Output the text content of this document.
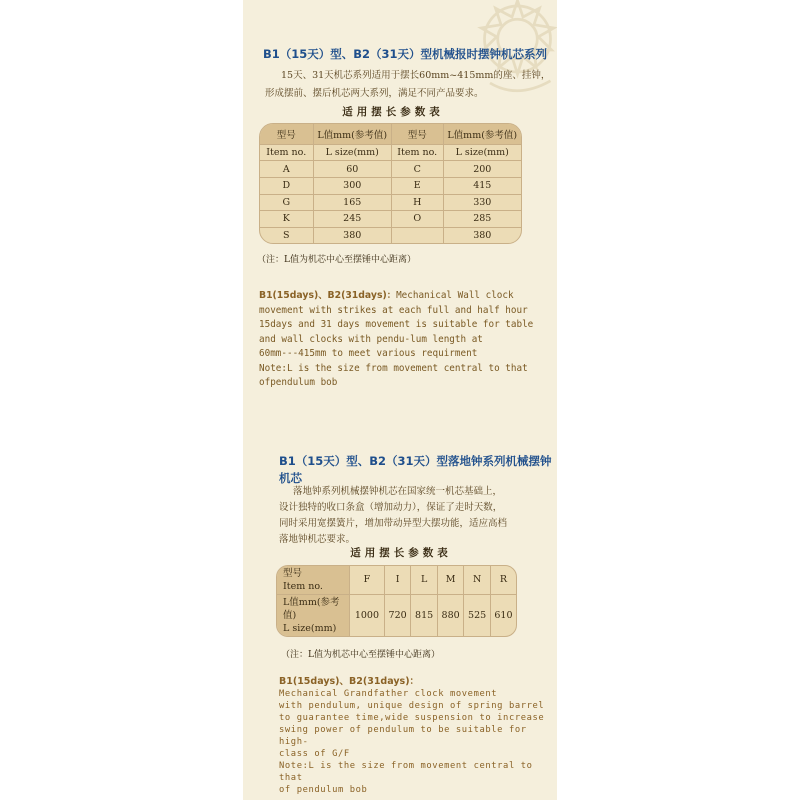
B1（15天）型、B2（31天）型机械报时摆钟机芯系列
15天、31天机芯系列适用于摆长60mm~415mm的座、挂钟，
形成摆前、摆后机芯两大系列，满足不同产品要求。
适用摆长参数表
型号	L值mm(参考值)	型号	L值mm(参考值)
Item no.	L size(mm)	Item no.	L size(mm)
A	60	C	200
D	300	E	415
G	165	H	330
K	245	O	285
S	380		380
（注：L值为机芯中心至摆锤中心距离）
B1(15days)、B2(31days)：Mechanical Wall clock
movement with strikes at each full and half hour
15days and 31 days movement is suitable for table
and wall clocks with pendu-lum length at
60mm---415mm to meet various requirment
Note:L is the size from movement central to that
ofpendulum bob
B1（15天）型、B2（31天）型落地钟系列机械摆钟
机芯
落地钟系列机械摆钟机芯在国家统一机芯基础上，
设计独特的收口条盒（增加动力），保证了走时天数，
同时采用宽摆簧片，增加带动异型大摆功能，适应高档
落地钟机芯要求。
适用摆长参数表
型号
Item no.	F	I	L	M	N	R

L值mm(参考值)
L size(mm)	1000	720	815	880	525	610
（注：L值为机芯中心至摆锤中心距离）
B1(15days)、B2(31days)：
Mechanical Grandfather clock movement
with pendulum, unique design of spring barrel
to guarantee time,wide suspension to increase
swing power of pendulum to be suitable for high-
class of G/F
Note:L is the size from movement central to that
of pendulum bob
